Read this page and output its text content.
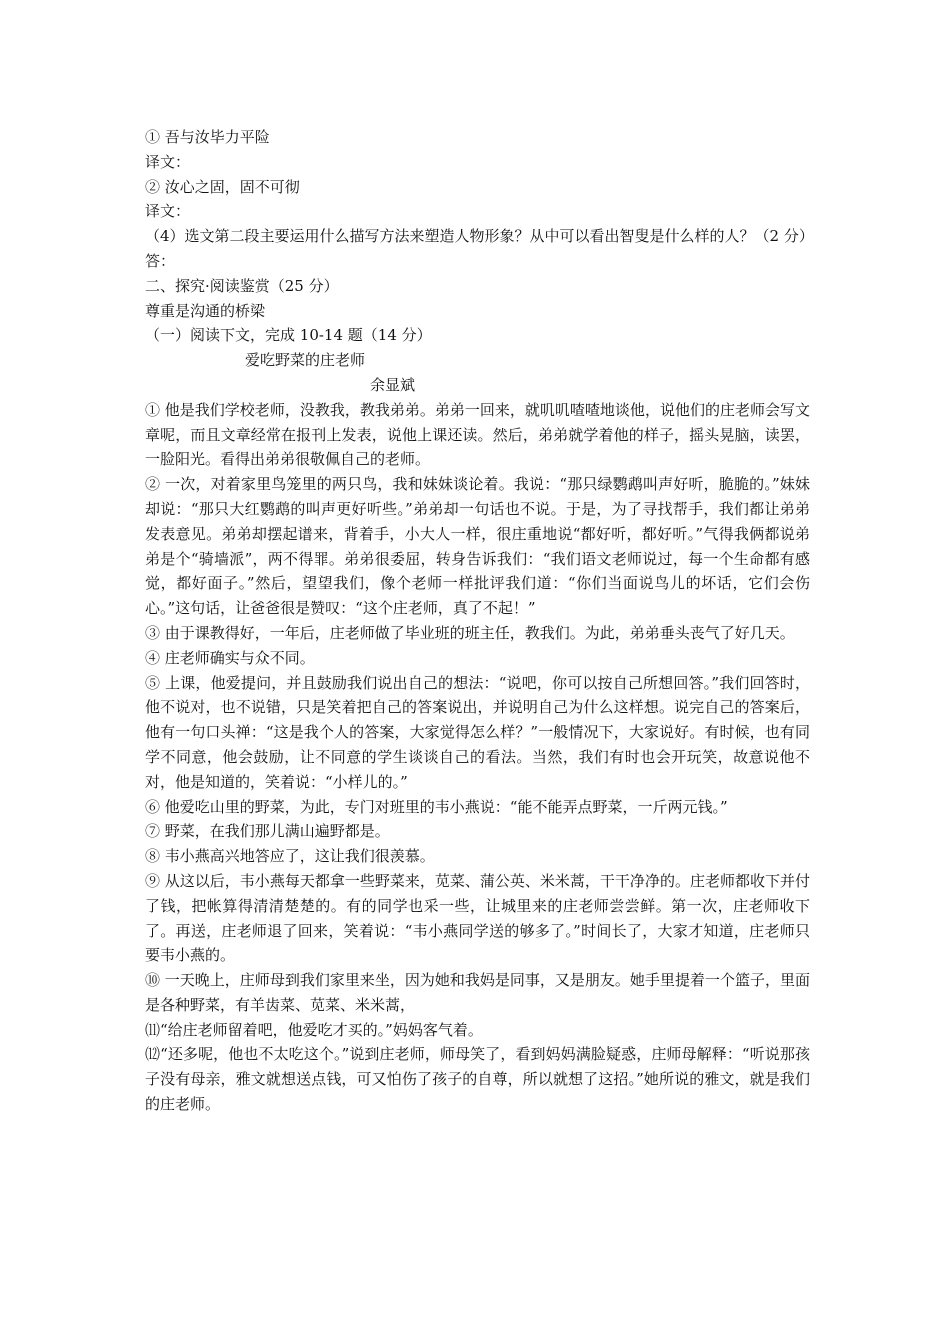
① 吾与汝毕力平险

译文：

② 汝心之固，固不可彻

译文：

（4）选文第二段主要运用什么描写方法来塑造人物形象？从中可以看出智叟是什么样的人？（2 分）

答：

二、探究·阅读鉴赏（25 分）

尊重是沟通的桥梁

（一）阅读下文，完成 10-14 题（14 分）

爱吃野菜的庄老师

余显斌

① 他是我们学校老师，没教我，教我弟弟。弟弟一回来，就叽叽喳喳地谈他，说他们的庄老师会写文章呢，而且文章经常在报刊上发表，说他上课还读。然后，弟弟就学着他的样子，摇头晃脑，读罢，一脸阳光。看得出弟弟很敬佩自己的老师。

② 一次，对着家里鸟笼里的两只鸟，我和妹妹谈论着。我说：“那只绿鹦鹉叫声好听，脆脆的。”妹妹却说：“那只大红鹦鹉的叫声更好听些。”弟弟却一句话也不说。于是，为了寻找帮手，我们都让弟弟发表意见。弟弟却摆起谱来，背着手，小大人一样，很庄重地说“都好听，都好听。”气得我俩都说弟弟是个“骑墙派”，两不得罪。弟弟很委屈，转身告诉我们：“我们语文老师说过，每一个生命都有感觉，都好面子。”然后，望望我们，像个老师一样批评我们道：“你们当面说鸟儿的坏话，它们会伤心。”这句话，让爸爸很是赞叹：“这个庄老师，真了不起！”

③ 由于课教得好，一年后，庄老师做了毕业班的班主任，教我们。为此，弟弟垂头丧气了好几天。

④ 庄老师确实与众不同。

⑤ 上课，他爱提问，并且鼓励我们说出自己的想法：“说吧，你可以按自己所想回答。”我们回答时，他不说对，也不说错，只是笑着把自己的答案说出，并说明自己为什么这样想。说完自己的答案后，他有一句口头禅：“这是我个人的答案，大家觉得怎么样？”一般情况下，大家说好。有时候，也有同学不同意，他会鼓励，让不同意的学生谈谈自己的看法。当然，我们有时也会开玩笑，故意说他不对，他是知道的，笑着说：“小样儿的。”

⑥ 他爱吃山里的野菜，为此，专门对班里的韦小燕说：“能不能弄点野菜，一斤两元钱。”

⑦ 野菜，在我们那儿满山遍野都是。

⑧ 韦小燕高兴地答应了，这让我们很羡慕。

⑨ 从这以后，韦小燕每天都拿一些野菜来，苋菜、蒲公英、米米蒿，干干净净的。庄老师都收下并付了钱，把帐算得清清楚楚的。有的同学也采一些，让城里来的庄老师尝尝鲜。第一次，庄老师收下了。再送，庄老师退了回来，笑着说：“韦小燕同学送的够多了。”时间长了，大家才知道，庄老师只要韦小燕的。

⑩ 一天晚上，庄师母到我们家里来坐，因为她和我妈是同事，又是朋友。她手里提着一个篮子，里面是各种野菜，有羊齿菜、苋菜、米米蒿，

⑾“给庄老师留着吧，他爱吃才买的。”妈妈客气着。

⑿“还多呢，他也不太吃这个。”说到庄老师，师母笑了，看到妈妈满脸疑惑，庄师母解释：“听说那孩子没有母亲，雅文就想送点钱，可又怕伤了孩子的自尊，所以就想了这招。”她所说的雅文，就是我们的庄老师。
